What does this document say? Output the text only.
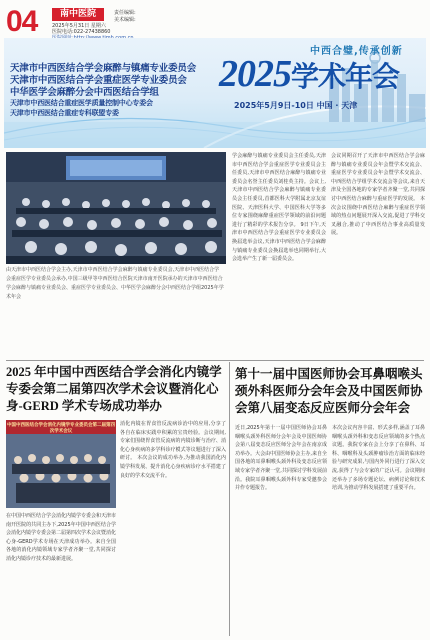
04	南中医院
2025年5月31日 星期六
医院电话:022-27438860
责任编辑:
美术编辑:
中西合璧,传承创新
天津市中西医结合学会麻醉与镇痛专业委员会
天津市中西医结合学会重症医学专业委员会
中华医学会麻醉分会中西医结合学组
天津市中西医结合重症医学质量控制中心专委会
天津市中西医结合重症专科联盟专委
2025学术年会
2025年5月9日-10日 中国 · 天津
由天津市中西医结合学会主办,天津市中西医结合学会麻醉与镇痛专业委员会,天津市中西医结合学会重症医学专业委员会承办,中国三级甲等中西医结合医院天津市南开医院承办的天津市中西医结合学会麻醉与镇痛专业委员会、重症医学专业委员会、中华医学会麻醉分会中西医结合学组2025年学术年会
学会麻醉与镇痛专业委员会主任委员,天津市中西医结合学会重症医学专业委员会主任委员,天津市中西医结合麻醉与镇痛专业委员会名誉主任委员刘桂英主持。会议上,天津市中西医结合学会麻醉与镇痛专业委员会主任委员,首都医科大学附属北京友谊医院、天津医科大学、中国医科大学等多位专家围绕麻醉重症医学领域的前沿问题进行了精彩的学术报告分享。 9日下午,天津市中西医结合学会重症医学专业委员会换届选举会议,天津市中西医结合学会麻醉与镇痛专业委员会换届选举也同期举行,大会选举产生了新一届委员会。
会议同期召开了天津市中西医结合学会麻醉与镇痛专业委员会年会暨学术交流会、重症医学专业委员会年会暨学术交流会、中西医结合学组学术交流会等会议,来自天津及全国各地的专家学者齐聚一堂,共同探讨中西医结合麻醉与重症医学的发展。 本次会议围绕中西医结合麻醉与重症医学领域的热点问题展开深入交流,促进了学科交叉融合,推动了中西医结合事业高质量发展。
2025 年中国中西医结合学会消化内镜学专委会第二届第四次学术会议暨消化心身-GERD 学术专场成功举办
中国中西医结合学会消化内镜学专业委员会第二届第四次学术会议
在中国中西医结合学会消化内镜学专委会和天津市南开医院的共同主办下,2025年中国中西医结合学会消化内镜学专委会第二届第四次学术会议暨消化心身-GERD学术专场在天津成功举办。来自全国各地的消化内镜领域专家学者齐聚一堂,共同探讨消化内镜诊疗技术的最新进展。
消化内镜在胃食管反流病诊治中的应用,分享了各自在临床实践中积累的宝贵经验。会议期间,专家们围绕胃食管反流病的内镜诊断与治疗、消化心身疾病的多学科诊疗模式等议题进行了深入研讨。 本次会议的成功举办,为推动我国消化内镜学科发展、提升消化心身疾病诊疗水平搭建了良好的学术交流平台。
第十一届中国医师协会耳鼻咽喉头颈外科医师分会年会及中国医师协会第八届变态反应医师分会年会
近日,2025年第十一届中国医师协会耳鼻咽喉头颈外科医师分会年会及中国医师协会第八届变态反应医师分会年会在南京成功举办。大会由中国医师协会主办,来自全国各地的耳鼻咽喉头颈外科及变态反应领域专家学者齐聚一堂,共同探讨学科发展前沿。我院耳鼻咽喉头颈外科专家受邀参会并作专题报告。
本次会议内容丰富、形式多样,涵盖了耳鼻咽喉头颈外科和变态反应领域的多个热点议题。我院专家在会上分享了在鼻科、耳科、咽喉科及头颈肿瘤诊治方面的临床经验与研究成果,与国内外同行进行了深入交流,获得了与会专家的广泛认可。会议期间还举办了多场专题论坛、病例讨论和技术培训,为推动学科发展搭建了重要平台。
